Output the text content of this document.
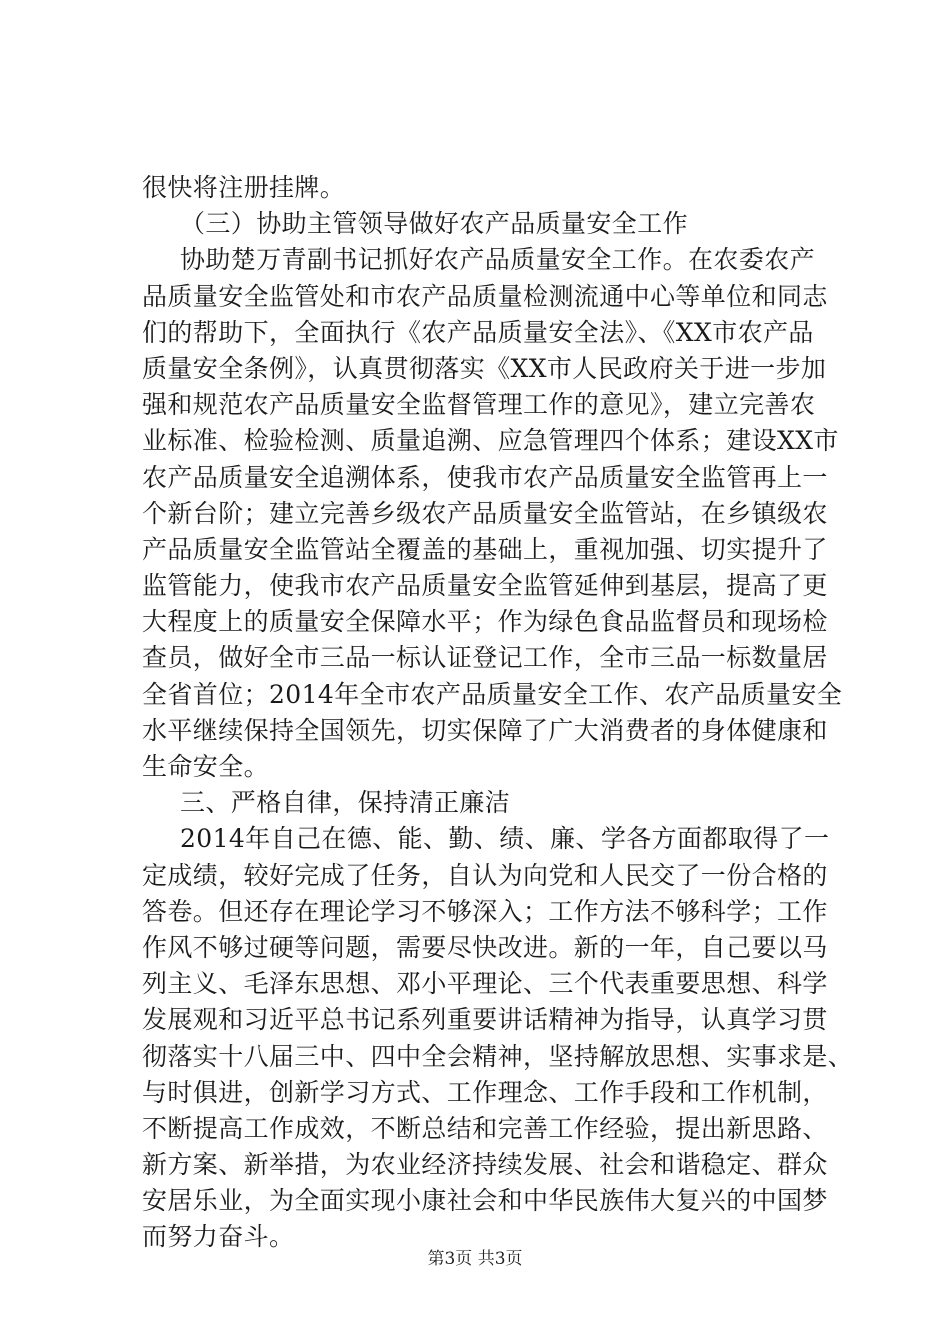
很快将注册挂牌。
（三）协助主管领导做好农产品质量安全工作
协助楚万青副书记抓好农产品质量安全工作。在农委农产
品质量安全监管处和市农产品质量检测流通中心等单位和同志
们的帮助下，全面执行《农产品质量安全法》、《XX市农产品
质量安全条例》，认真贯彻落实《XX市人民政府关于进一步加
强和规范农产品质量安全监督管理工作的意见》，建立完善农
业标准、检验检测、质量追溯、应急管理四个体系；建设XX市
农产品质量安全追溯体系，使我市农产品质量安全监管再上一
个新台阶；建立完善乡级农产品质量安全监管站，在乡镇级农
产品质量安全监管站全覆盖的基础上，重视加强、切实提升了
监管能力，使我市农产品质量安全监管延伸到基层，提高了更
大程度上的质量安全保障水平；作为绿色食品监督员和现场检
查员，做好全市三品一标认证登记工作，全市三品一标数量居
全省首位；2014年全市农产品质量安全工作、农产品质量安全
水平继续保持全国领先，切实保障了广大消费者的身体健康和
生命安全。
三、严格自律，保持清正廉洁
2014年自己在德、能、勤、绩、廉、学各方面都取得了一
定成绩，较好完成了任务，自认为向党和人民交了一份合格的
答卷。但还存在理论学习不够深入；工作方法不够科学；工作
作风不够过硬等问题，需要尽快改进。新的一年，自己要以马
列主义、毛泽东思想、邓小平理论、三个代表重要思想、科学
发展观和习近平总书记系列重要讲话精神为指导，认真学习贯
彻落实十八届三中、四中全会精神，坚持解放思想、实事求是、
与时俱进，创新学习方式、工作理念、工作手段和工作机制，
不断提高工作成效，不断总结和完善工作经验，提出新思路、
新方案、新举措，为农业经济持续发展、社会和谐稳定、群众
安居乐业，为全面实现小康社会和中华民族伟大复兴的中国梦
而努力奋斗。
第3页 共3页
